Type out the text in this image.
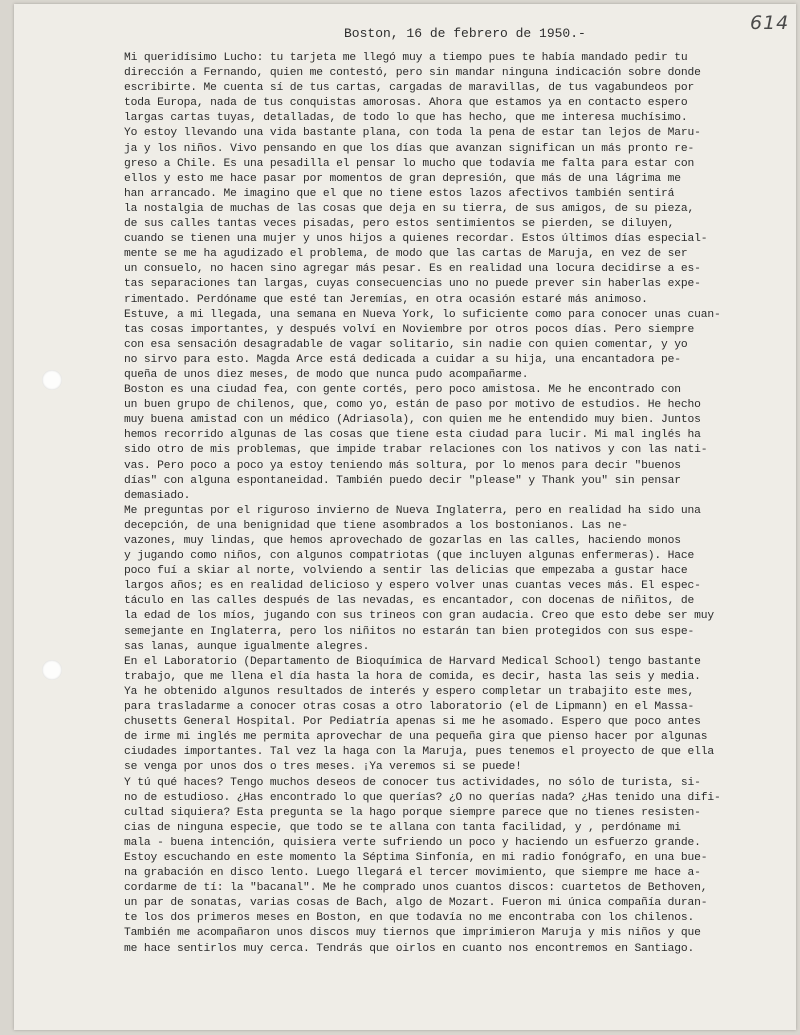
614
Boston, 16 de febrero de 1950.-
Mi queridísimo Lucho: tu tarjeta me llegó muy a tiempo pues te había mandado pedir tu
dirección a Fernando, quien me contestó, pero sin mandar ninguna indicación sobre donde
escribirte. Me cuenta sí de tus cartas, cargadas de maravillas, de tus vagabundeos por
toda Europa, nada de tus conquistas amorosas. Ahora que estamos ya en contacto espero
largas cartas tuyas, detalladas, de todo lo que has hecho, que me interesa muchísimo.
Yo estoy llevando una vida bastante plana, con toda la pena de estar tan lejos de Maru-
ja y los niños. Vivo pensando en que los días que avanzan significan un más pronto re-
greso a Chile. Es una pesadilla el pensar lo mucho que todavía me falta para estar con
ellos y esto me hace pasar por momentos de gran depresión, que más de una lágrima me
han arrancado. Me imagino que el que no tiene estos lazos afectivos también sentirá
la nostalgia de muchas de las cosas que deja en su tierra, de sus amigos, de su pieza,
de sus calles tantas veces pisadas, pero estos sentimientos se pierden, se diluyen,
cuando se tienen una mujer y unos hijos a quienes recordar. Estos últimos días especial-
mente se me ha agudizado el problema, de modo que las cartas de Maruja, en vez de ser
un consuelo, no hacen sino agregar más pesar. Es en realidad una locura decidirse a es-
tas separaciones tan largas, cuyas consecuencias uno no puede prever sin haberlas expe-
rimentado. Perdóname que esté tan Jeremías, en otra ocasión estaré más animoso.
Estuve, a mi llegada, una semana en Nueva York, lo suficiente como para conocer unas cuan-
tas cosas importantes, y después volví en Noviembre por otros pocos días. Pero siempre
con esa sensación desagradable de vagar solitario, sin nadie con quien comentar, y yo
no sirvo para esto. Magda Arce está dedicada a cuidar a su hija, una encantadora pe-
queña de unos diez meses, de modo que nunca pudo acompañarme.
Boston es una ciudad fea, con gente cortés, pero poco amistosa. Me he encontrado con
un buen grupo de chilenos, que, como yo, están de paso por motivo de estudios. He hecho
muy buena amistad con un médico (Adriasola), con quien me he entendido muy bien. Juntos
hemos recorrido algunas de las cosas que tiene esta ciudad para lucir. Mi mal inglés ha
sido otro de mis problemas, que impide trabar relaciones con los nativos y con las nati-
vas. Pero poco a poco ya estoy teniendo más soltura, por lo menos para decir "buenos
días" con alguna espontaneidad. También puedo decir "please" y Thank you" sin pensar
demasiado.
Me preguntas por el riguroso invierno de Nueva Inglaterra, pero en realidad ha sido una
decepción, de una benignidad que tiene asombrados a los bostonianos. Las ne-
vazones, muy lindas, que hemos aprovechado de gozarlas en las calles, haciendo monos
y jugando como niños, con algunos compatriotas (que incluyen algunas enfermeras). Hace
poco fuí a skiar al norte, volviendo a sentir las delicias que empezaba a gustar hace
largos años; es en realidad delicioso y espero volver unas cuantas veces más. El espec-
táculo en las calles después de las nevadas, es encantador, con docenas de niñitos, de
la edad de los míos, jugando con sus trineos con gran audacia. Creo que esto debe ser muy
semejante en Inglaterra, pero los niñitos no estarán tan bien protegidos con sus espe-
sas lanas, aunque igualmente alegres.
En el Laboratorio (Departamento de Bioquímica de Harvard Medical School) tengo bastante
trabajo, que me llena el día hasta la hora de comida, es decir, hasta las seis y media.
Ya he obtenido algunos resultados de interés y espero completar un trabajito este mes,
para trasladarme a conocer otras cosas a otro laboratorio (el de Lipmann) en el Massa-
chusetts General Hospital. Por Pediatría apenas si me he asomado. Espero que poco antes
de irme mi inglés me permita aprovechar de una pequeña gira que pienso hacer por algunas
ciudades importantes. Tal vez la haga con la Maruja, pues tenemos el proyecto de que ella
se venga por unos dos o tres meses. ¡Ya veremos si se puede!
Y tú qué haces? Tengo muchos deseos de conocer tus actividades, no sólo de turista, si-
no de estudioso. ¿Has encontrado lo que querías? ¿O no querías nada? ¿Has tenido una difi-
cultad siquiera? Esta pregunta se la hago porque siempre parece que no tienes resisten-
cias de ninguna especie, que todo se te allana con tanta facilidad, y , perdóname mi
mala - buena intención, quisiera verte sufriendo un poco y haciendo un esfuerzo grande.
Estoy escuchando en este momento la Séptima Sinfonía, en mi radio fonógrafo, en una bue-
na grabación en disco lento. Luego llegará el tercer movimiento, que siempre me hace a-
cordarme de tí: la "bacanal". Me he comprado unos cuantos discos: cuartetos de Bethoven,
un par de sonatas, varias cosas de Bach, algo de Mozart. Fueron mi única compañía duran-
te los dos primeros meses en Boston, en que todavía no me encontraba con los chilenos.
También me acompañaron unos discos muy tiernos que imprimieron Maruja y mis niños y que
me hace sentirlos muy cerca. Tendrás que oirlos en cuanto nos encontremos en Santiago.
